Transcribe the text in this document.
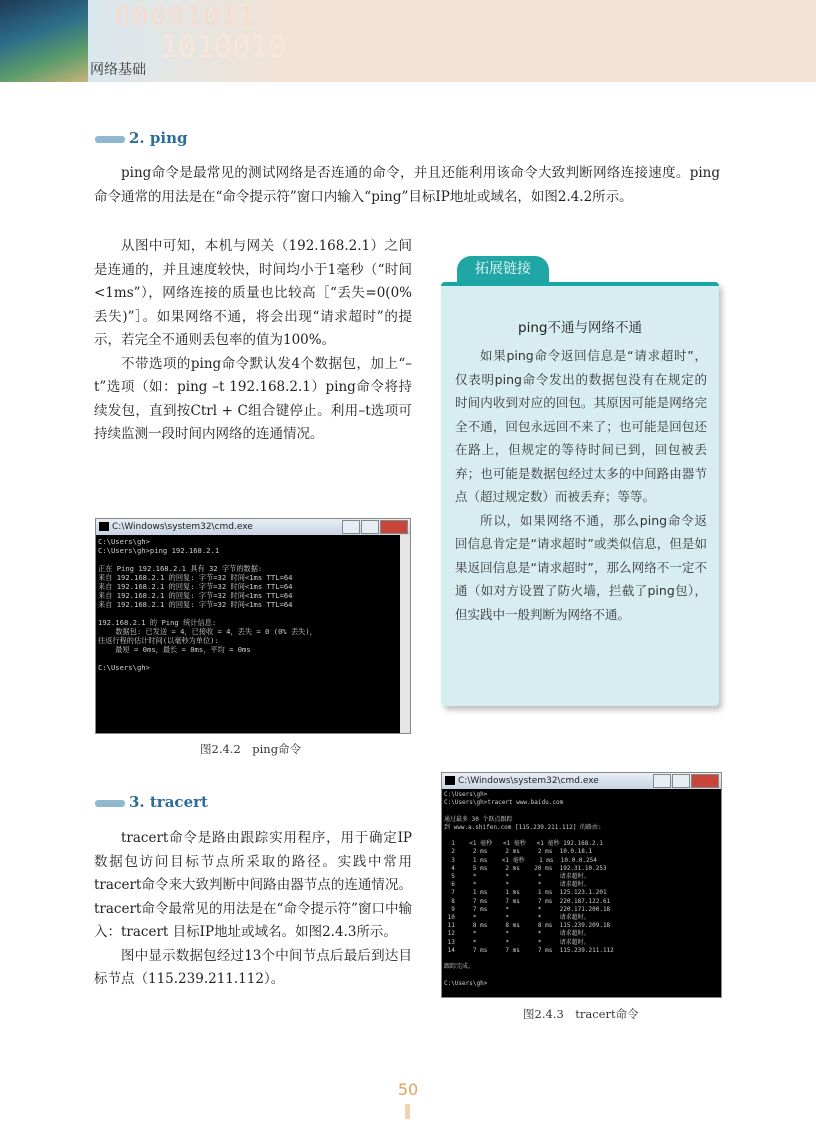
00001011
1010010
网络基础
2. ping

ping命令是最常见的测试网络是否连通的命令，并且还能利用该命令大致判断网络连接速度。ping命令通常的用法是在“命令提示符”窗口内输入“ping”目标IP地址或域名，如图2.4.2所示。

从图中可知，本机与网关（192.168.2.1）之间是连通的，并且速度较快，时间均小于1毫秒（“时间<1ms”），网络连接的质量也比较高［“丢失=0(0% 丢失)”］。如果网络不通，将会出现“请求超时”的提示，若完全不通则丢包率的值为100%。

不带选项的ping命令默认发4个数据包，加上“–t”选项（如：ping –t 192.168.2.1）ping命令将持续发包，直到按Ctrl + C组合键停止。利用–t选项可持续监测一段时间内网络的连通情况。

拓展链接
ping不通与网络不通

如果ping命令返回信息是“请求超时”，仅表明ping命令发出的数据包没有在规定的时间内收到对应的回包。其原因可能是网络完全不通，回包永远回不来了；也可能是回包还在路上，但规定的等待时间已到，回包被丢弃；也可能是数据包经过太多的中间路由器节点（超过规定数）而被丢弃；等等。

所以，如果网络不通，那么ping命令返回信息肯定是“请求超时”或类似信息，但是如果返回信息是“请求超时”，那么网络不一定不通（如对方设置了防火墙，拦截了ping包），但实践中一般判断为网络不通。

C:\Windows\system32\cmd.exe
C:\Users\gh>
C:\Users\gh>ping 192.168.2.1

正在 Ping 192.168.2.1 具有 32 字节的数据:
来自 192.168.2.1 的回复: 字节=32 时间<1ms TTL=64
来自 192.168.2.1 的回复: 字节=32 时间<1ms TTL=64
来自 192.168.2.1 的回复: 字节=32 时间<1ms TTL=64
来自 192.168.2.1 的回复: 字节=32 时间<1ms TTL=64

192.168.2.1 的 Ping 统计信息:
数据包: 已发送 = 4，已接收 = 4，丢失 = 0 (0% 丢失)，
往返行程的估计时间(以毫秒为单位):
最短 = 0ms，最长 = 0ms，平均 = 0ms

C:\Users\gh>
图2.4.2　ping命令
3. tracert

tracert命令是路由跟踪实用程序，用于确定IP数据包访问目标节点所采取的路径。实践中常用tracert命令来大致判断中间路由器节点的连通情况。tracert命令最常见的用法是在“命令提示符”窗口中输入：tracert 目标IP地址或域名。如图2.4.3所示。

图中显示数据包经过13个中间节点后最后到达目标节点（115.239.211.112）。

C:\Windows\system32\cmd.exe
C:\Users\gh>
C:\Users\gh>tracert www.baidu.com

通过最多 30 个跃点跟踪
到 www.a.shifen.com [115.239.211.112] 的路由:

1    <1 毫秒   <1 毫秒   <1 毫秒 192.168.2.1
2     2 ms     2 ms     2 ms  10.0.18.1
3     1 ms    <1 毫秒    1 ms  10.0.0.254
4     5 ms     2 ms    20 ms  192.31.10.253
5     *        *        *     请求超时。
6     *        *        *     请求超时。
7     1 ms     1 ms     1 ms  125.123.1.201
8     7 ms     7 ms     7 ms  220.187.122.61
9     7 ms     *        *     220.171.200.18
10     *        *        *     请求超时。
11     8 ms     8 ms     8 ms  115.239.209.18
12     *        *        *     请求超时。
13     *        *        *     请求超时。
14     7 ms     7 ms     7 ms  115.239.211.112

跟踪完成。

C:\Users\gh>
图2.4.3　tracert命令
50
